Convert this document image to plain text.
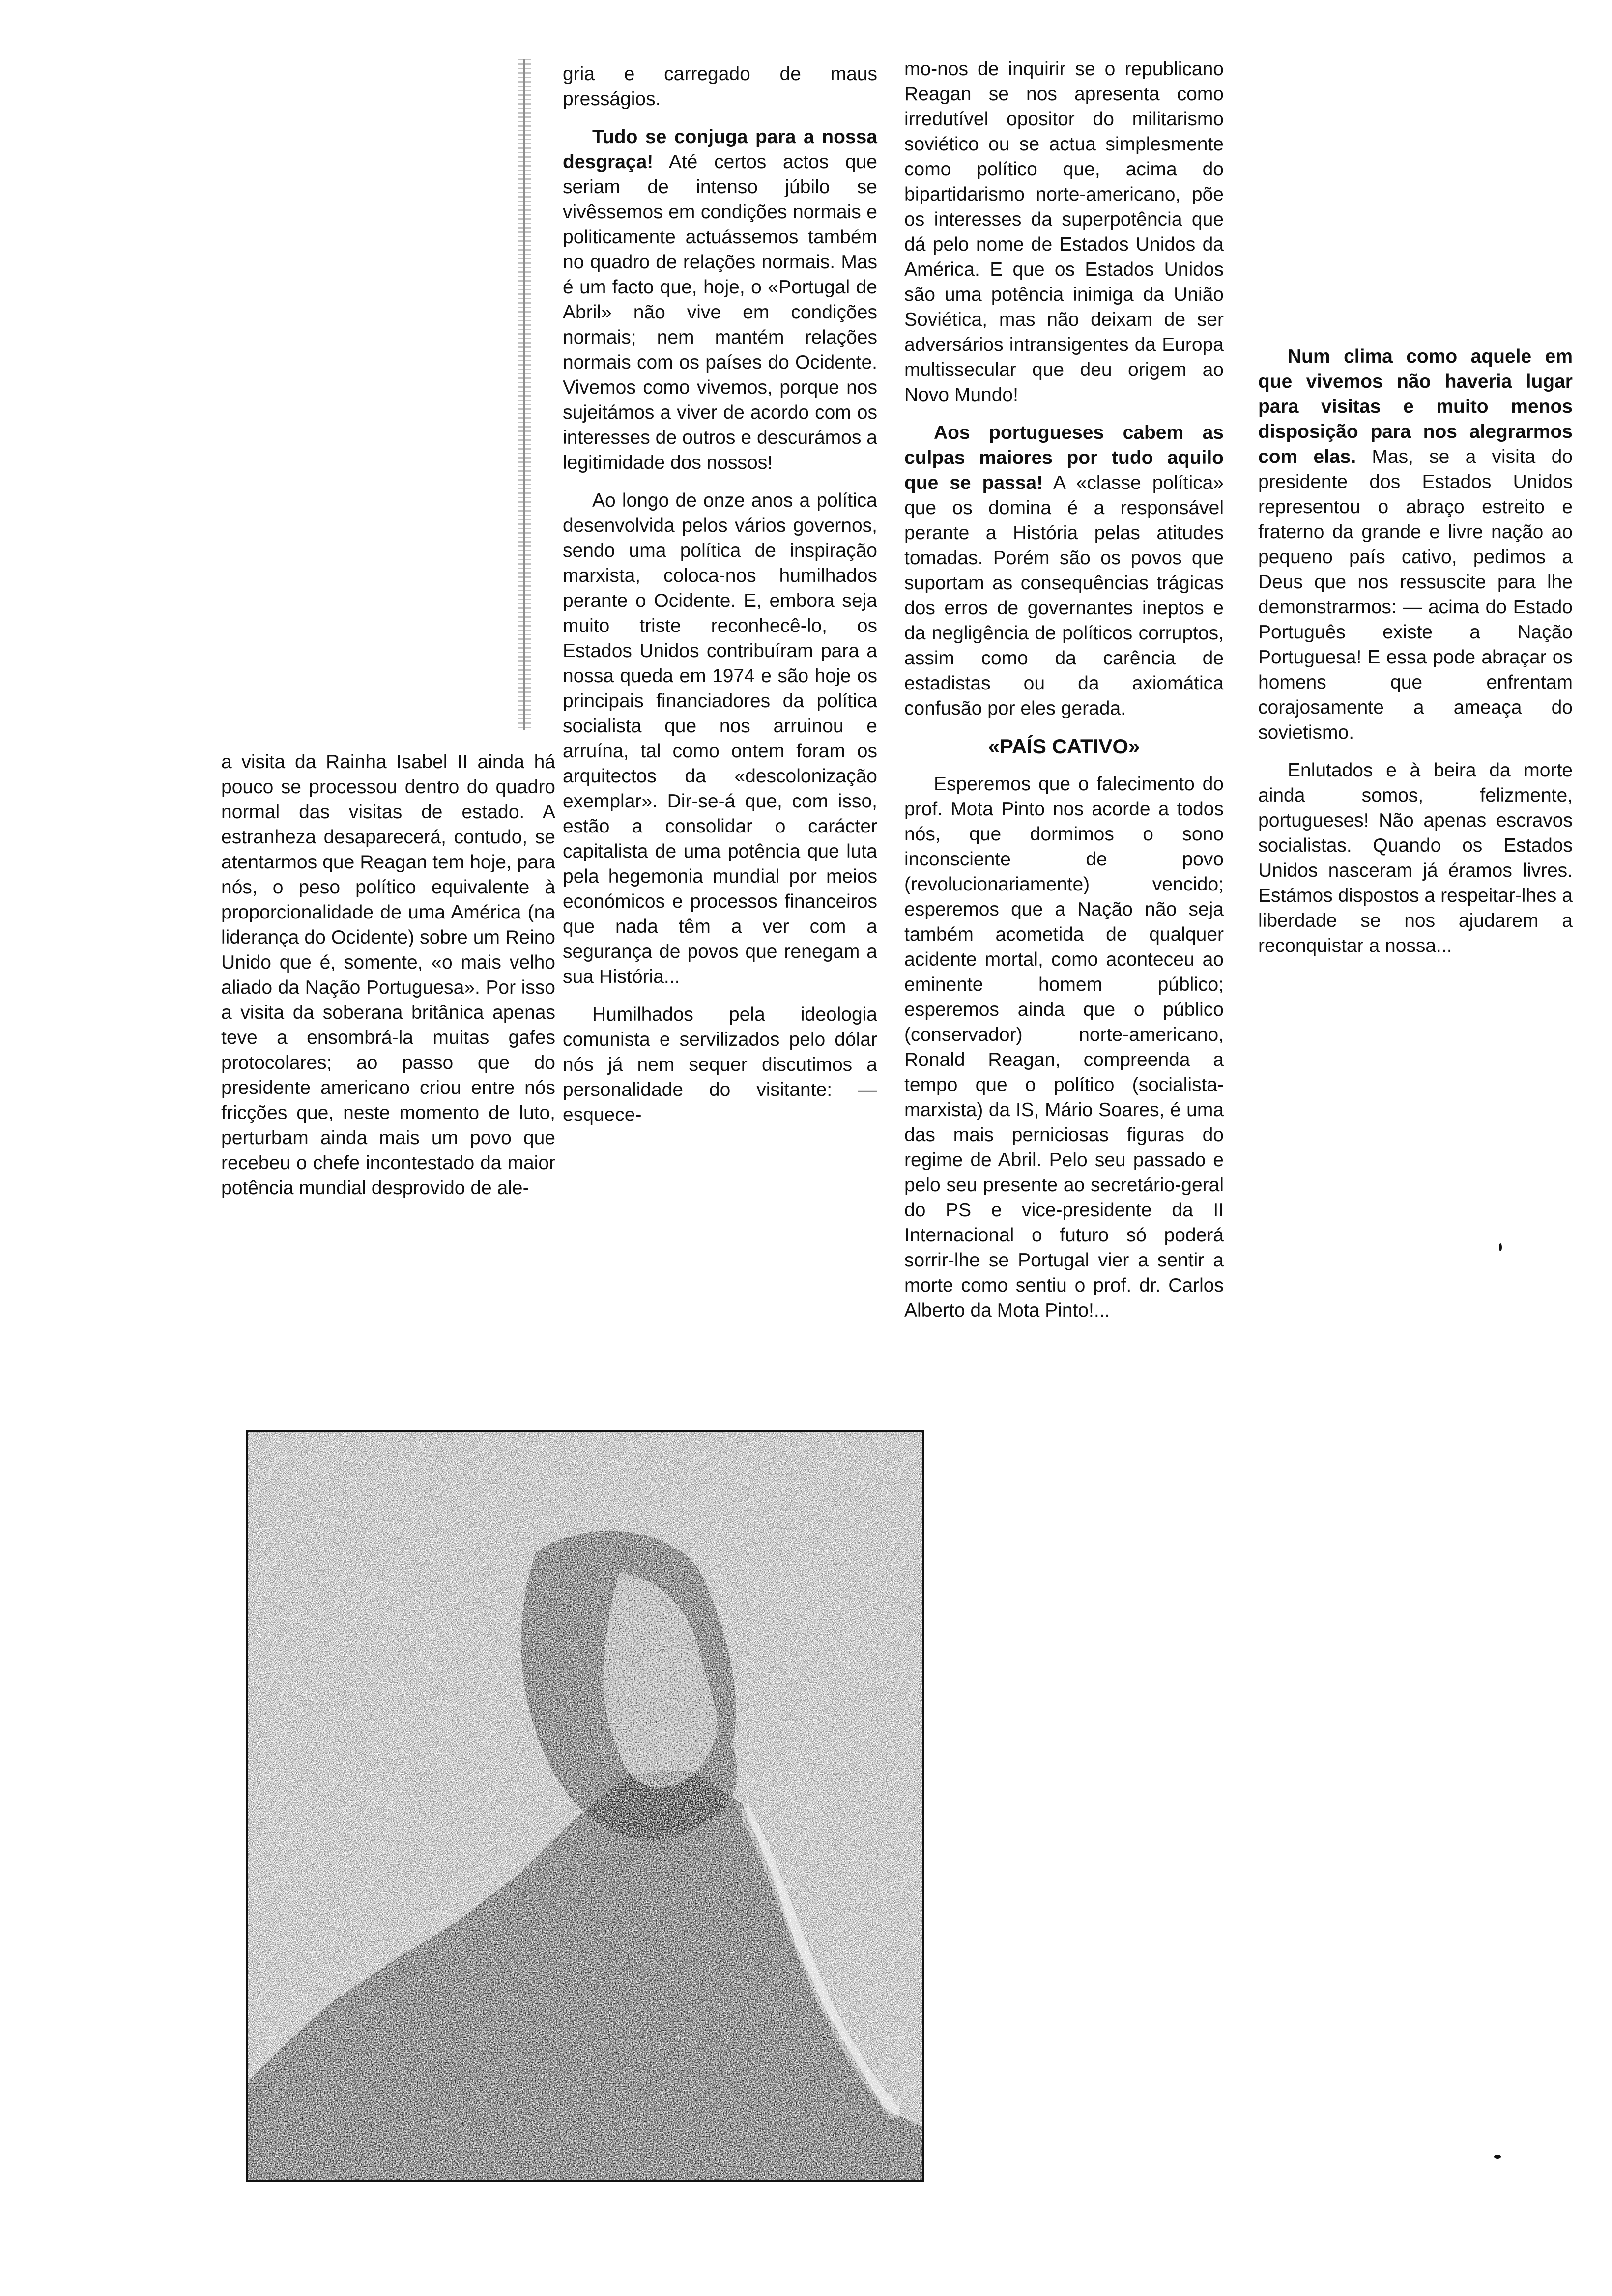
a visita da Rainha Isabel II ainda há pouco se processou dentro do quadro normal das visitas de estado. A estranheza desaparecerá, contudo, se atentarmos que Reagan tem hoje, para nós, o peso político equivalente à proporcionalidade de uma América (na liderança do Ocidente) sobre um Reino Unido que é, somente, «o mais velho aliado da Nação Portuguesa». Por isso a visita da soberana britânica apenas teve a ensombrá-la muitas gafes protocolares; ao passo que do presidente americano criou entre nós fricções que, neste momento de luto, perturbam ainda mais um povo que recebeu o chefe incontestado da maior potência mundial desprovido de ale-

gria e carregado de maus presságios.

Tudo se conjuga para a nossa desgraça! Até certos actos que seriam de intenso júbilo se vivêssemos em condições normais e politicamente actuássemos também no quadro de relações normais. Mas é um facto que, hoje, o «Portugal de Abril» não vive em condições normais; nem mantém relações normais com os países do Ocidente. Vivemos como vivemos, porque nos sujeitámos a viver de acordo com os interesses de outros e descurámos a legitimidade dos nossos!

Ao longo de onze anos a política desenvolvida pelos vários governos, sendo uma política de inspiração marxista, coloca-nos humilhados perante o Ocidente. E, embora seja muito triste reconhecê-lo, os Estados Unidos contribuíram para a nossa queda em 1974 e são hoje os principais financiadores da política socialista que nos arruinou e arruína, tal como ontem foram os arquitectos da «descolonização exemplar». Dir-se-á que, com isso, estão a consolidar o carácter capitalista de uma potência que luta pela hegemonia mundial por meios económicos e processos financeiros que nada têm a ver com a segurança de povos que renegam a sua História...

Humilhados pela ideologia comunista e servilizados pelo dólar nós já nem sequer discutimos a personalidade do visitante: — esquece-

mo-nos de inquirir se o republicano Reagan se nos apresenta como irredutível opositor do militarismo soviético ou se actua simplesmente como político que, acima do bipartidarismo norte-americano, põe os interesses da superpotência que dá pelo nome de Estados Unidos da América. E que os Estados Unidos são uma potência inimiga da União Soviética, mas não deixam de ser adversários intransigentes da Europa multissecular que deu origem ao Novo Mundo!

Aos portugueses cabem as culpas maiores por tudo aquilo que se passa! A «classe política» que os domina é a responsável perante a História pelas atitudes tomadas. Porém são os povos que suportam as consequências trágicas dos erros de governantes ineptos e da negligência de políticos corruptos, assim como da carência de estadistas ou da axiomática confusão por eles gerada.

«PAÍS CATIVO»

Esperemos que o falecimento do prof. Mota Pinto nos acorde a todos nós, que dormimos o sono inconsciente de povo (revolucionariamente) vencido; esperemos que a Nação não seja também acometida de qualquer acidente mortal, como aconteceu ao eminente homem público; esperemos ainda que o público (conservador) norte-americano, Ronald Reagan, compreenda a tempo que o político (socialista-marxista) da IS, Mário Soares, é uma das mais perniciosas figuras do regime de Abril. Pelo seu passado e pelo seu presente ao secretário-geral do PS e vice-presidente da II Internacional o futuro só poderá sorrir-lhe se Portugal vier a sentir a morte como sentiu o prof. dr. Carlos Alberto da Mota Pinto!...

Num clima como aquele em que vivemos não haveria lugar para visitas e muito menos disposição para nos alegrarmos com elas. Mas, se a visita do presidente dos Estados Unidos representou o abraço estreito e fraterno da grande e livre nação ao pequeno país cativo, pedimos a Deus que nos ressuscite para lhe demonstrarmos: — acima do Estado Português existe a Nação Portuguesa! E essa pode abraçar os homens que enfrentam corajosamente a ameaça do sovietismo.

Enlutados e à beira da morte ainda somos, felizmente, portugueses! Não apenas escravos socialistas. Quando os Estados Unidos nasceram já éramos livres. Estámos dispostos a respeitar-lhes a liberdade se nos ajudarem a reconquistar a nossa...
